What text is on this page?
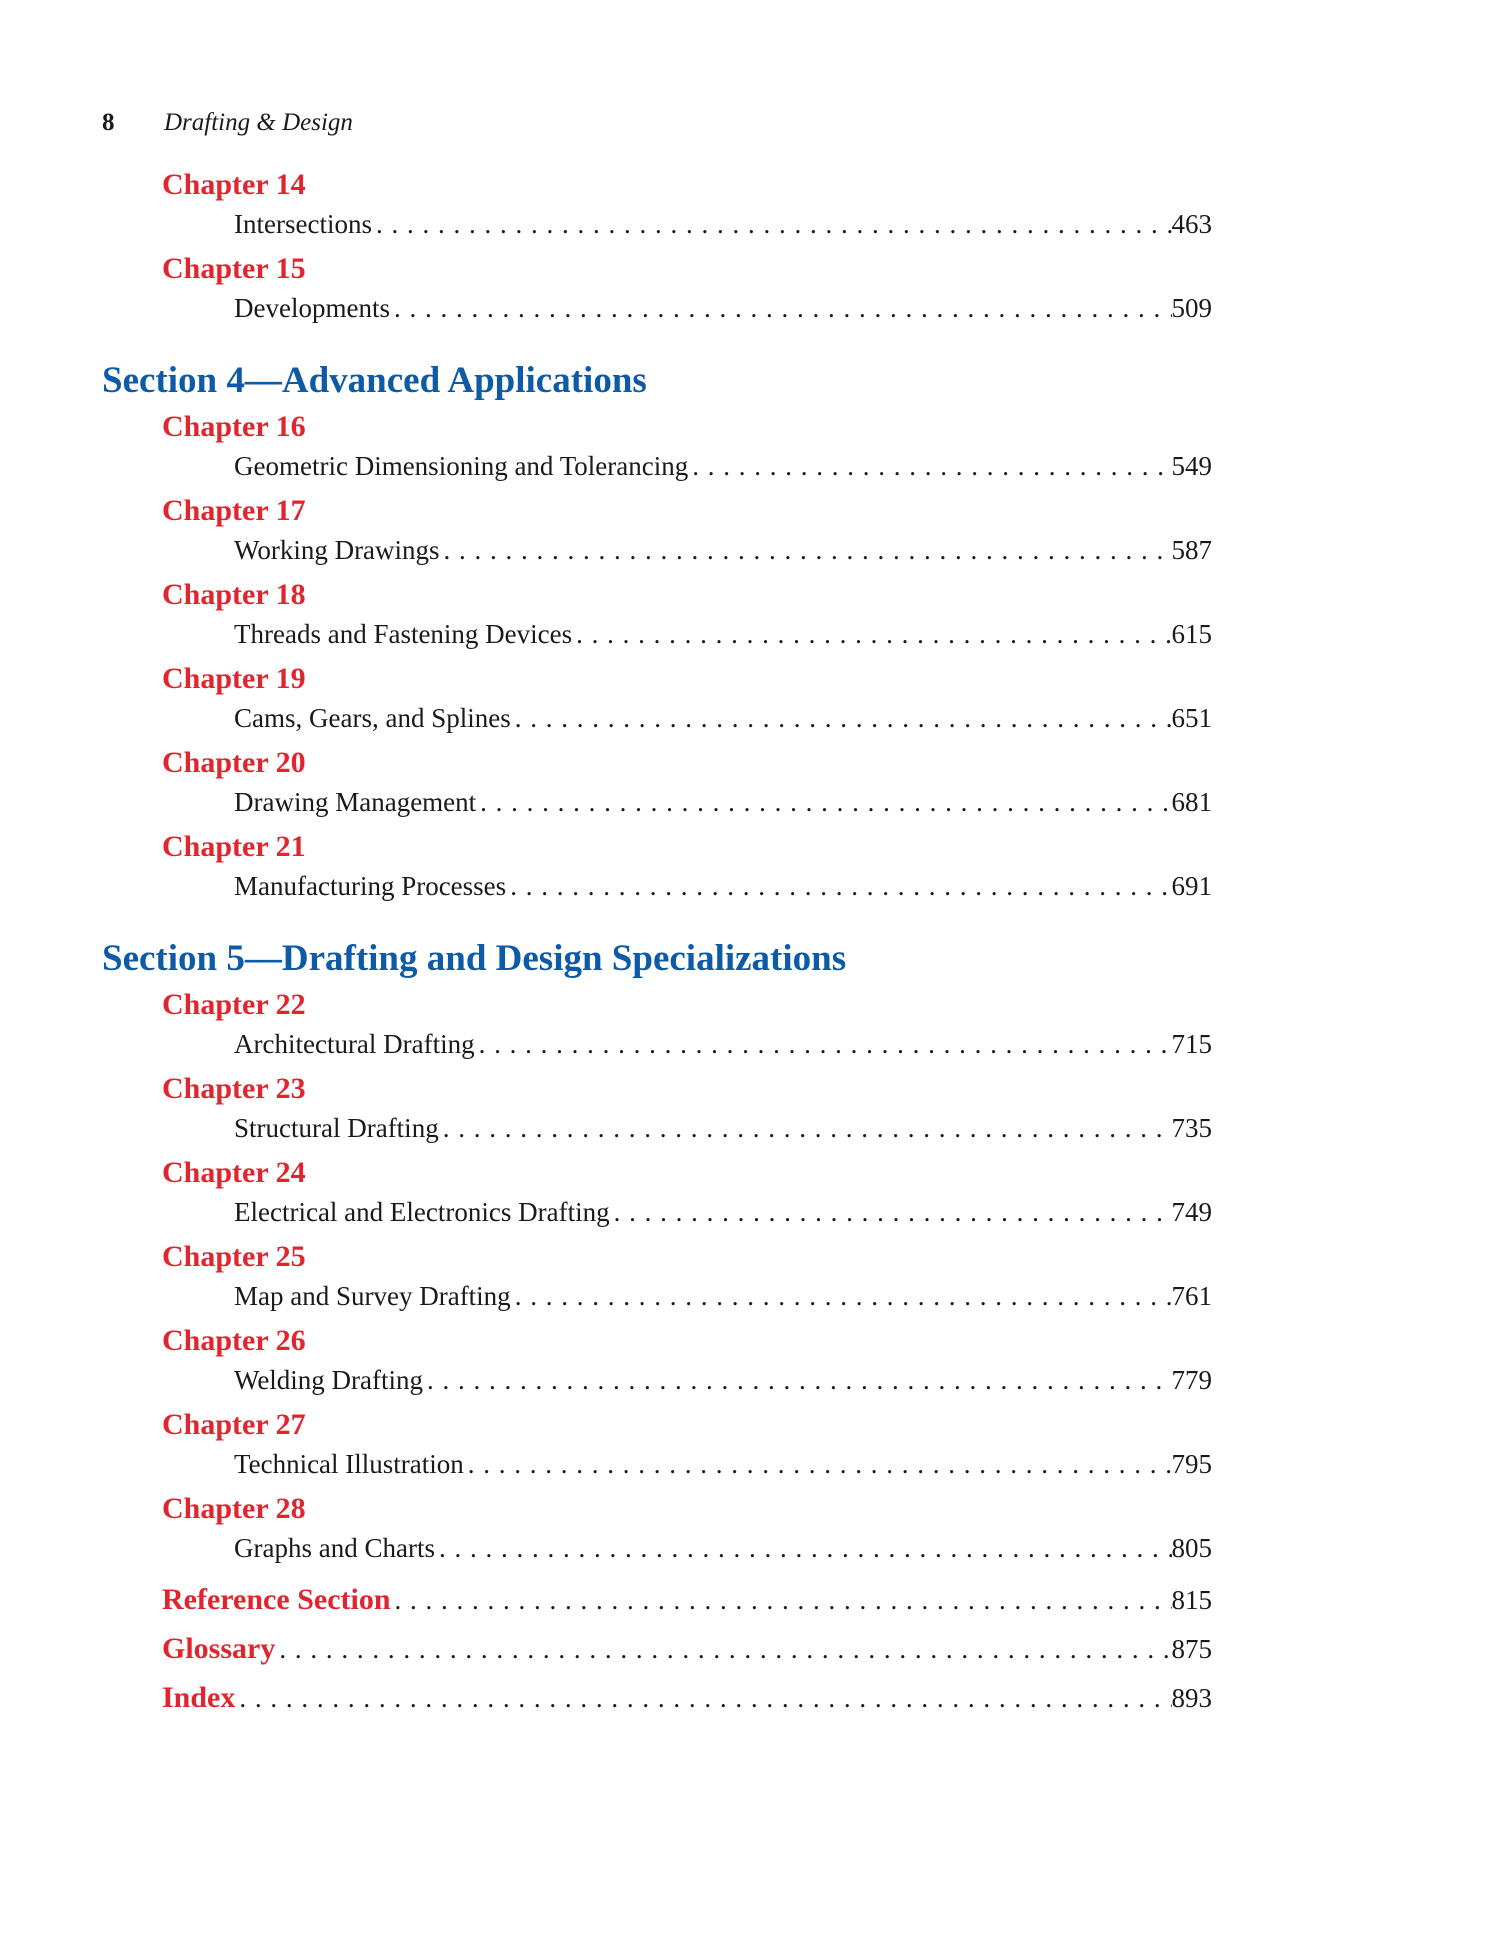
8 Drafting & Design
Chapter 14
Intersections . . .	463
Chapter 15
Developments . . .	509
Section 4—Advanced Applications
Chapter 16
Geometric Dimensioning and Tolerancing . . .	549
Chapter 17
Working Drawings . . .	587
Chapter 18
Threads and Fastening Devices . . .	615
Chapter 19
Cams, Gears, and Splines . . .	651
Chapter 20
Drawing Management . . .	681
Chapter 21
Manufacturing Processes . . .	691
Section 5—Drafting and Design Specializations
Chapter 22
Architectural Drafting . . .	715
Chapter 23
Structural Drafting . . .	735
Chapter 24
Electrical and Electronics Drafting . . .	749
Chapter 25
Map and Survey Drafting . . .	761
Chapter 26
Welding Drafting . . .	779
Chapter 27
Technical Illustration . . .	795
Chapter 28
Graphs and Charts . . .	805
Reference Section . . .	815
Glossary . . .	875
Index . . .	893
